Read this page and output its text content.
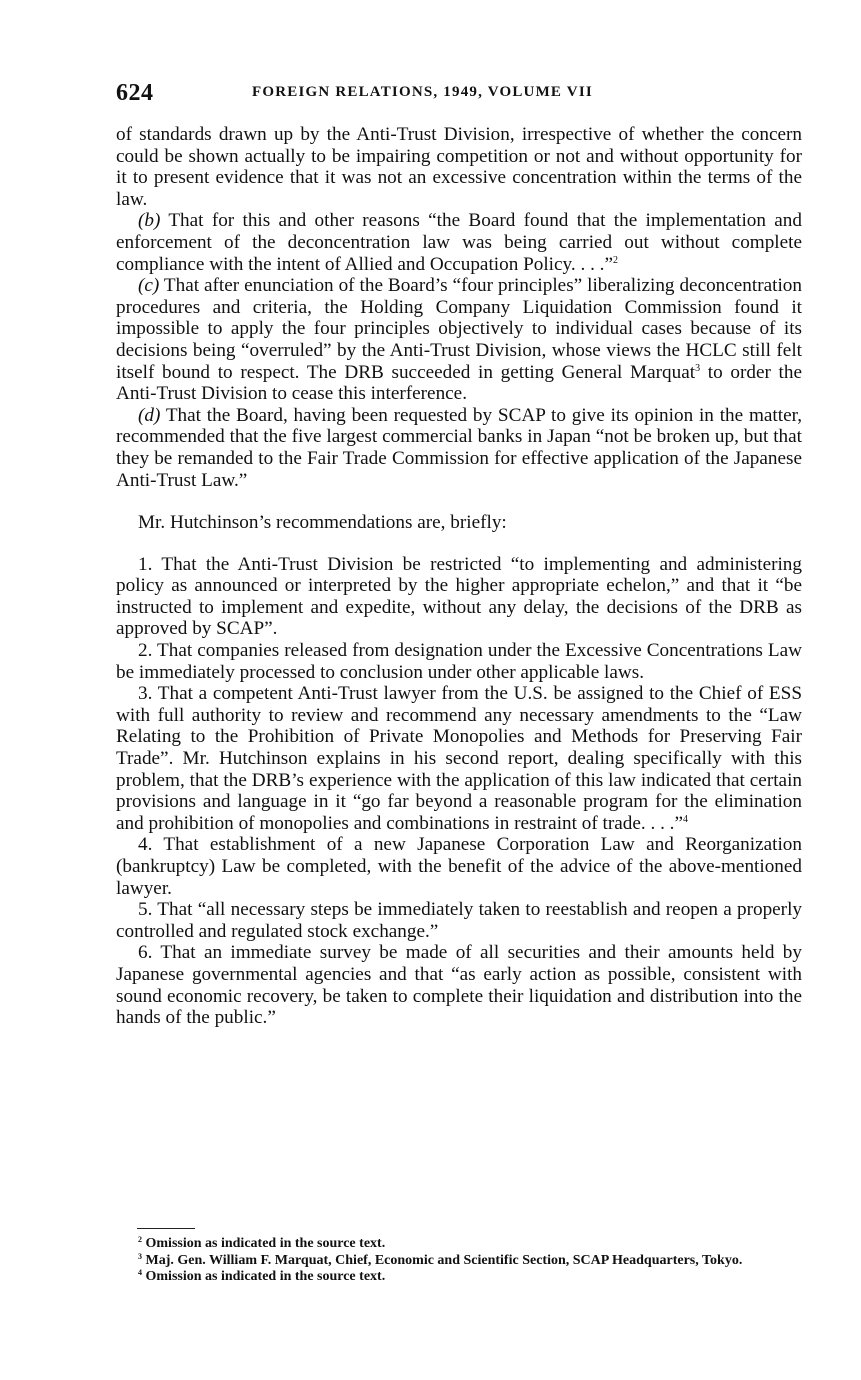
624	FOREIGN RELATIONS, 1949, VOLUME VII

of standards drawn up by the Anti-Trust Division, irrespective of whether the concern could be shown actually to be impairing competition or not and without opportunity for it to present evidence that it was not an excessive concentration within the terms of the law.

(b) That for this and other reasons “the Board found that the implementation and enforcement of the deconcentration law was being carried out without complete compliance with the intent of Allied and Occupation Policy. . . .”$^2$

(c) That after enunciation of the Board’s “four principles” liberalizing deconcentration procedures and criteria, the Holding Company Liquidation Commission found it impossible to apply the four principles objectively to individual cases because of its decisions being “overruled” by the Anti-Trust Division, whose views the HCLC still felt itself bound to respect. The DRB succeeded in getting General Marquat$^3$ to order the Anti-Trust Division to cease this interference.

(d) That the Board, having been requested by SCAP to give its opinion in the matter, recommended that the five largest commercial banks in Japan “not be broken up, but that they be remanded to the Fair Trade Commission for effective application of the Japanese Anti-Trust Law.”

Mr. Hutchinson’s recommendations are, briefly:

1. That the Anti-Trust Division be restricted “to implementing and administering policy as announced or interpreted by the higher appropriate echelon,” and that it “be instructed to implement and expedite, without any delay, the decisions of the DRB as approved by SCAP”.

2. That companies released from designation under the Excessive Concentrations Law be immediately processed to conclusion under other applicable laws.

3. That a competent Anti-Trust lawyer from the U.S. be assigned to the Chief of ESS with full authority to review and recommend any necessary amendments to the “Law Relating to the Prohibition of Private Monopolies and Methods for Preserving Fair Trade”. Mr. Hutchinson explains in his second report, dealing specifically with this problem, that the DRB’s experience with the application of this law indicated that certain provisions and language in it “go far beyond a reasonable program for the elimination and prohibition of monopolies and combinations in restraint of trade. . . .”$^4$

4. That establishment of a new Japanese Corporation Law and Reorganization (bankruptcy) Law be completed, with the benefit of the advice of the above-mentioned lawyer.

5. That “all necessary steps be immediately taken to reestablish and reopen a properly controlled and regulated stock exchange.”

6. That an immediate survey be made of all securities and their amounts held by Japanese governmental agencies and that “as early action as possible, consistent with sound economic recovery, be taken to complete their liquidation and distribution into the hands of the public.”

$^2$ Omission as indicated in the source text.

$^3$ Maj. Gen. William F. Marquat, Chief, Economic and Scientific Section, SCAP Headquarters, Tokyo.

$^4$ Omission as indicated in the source text.
